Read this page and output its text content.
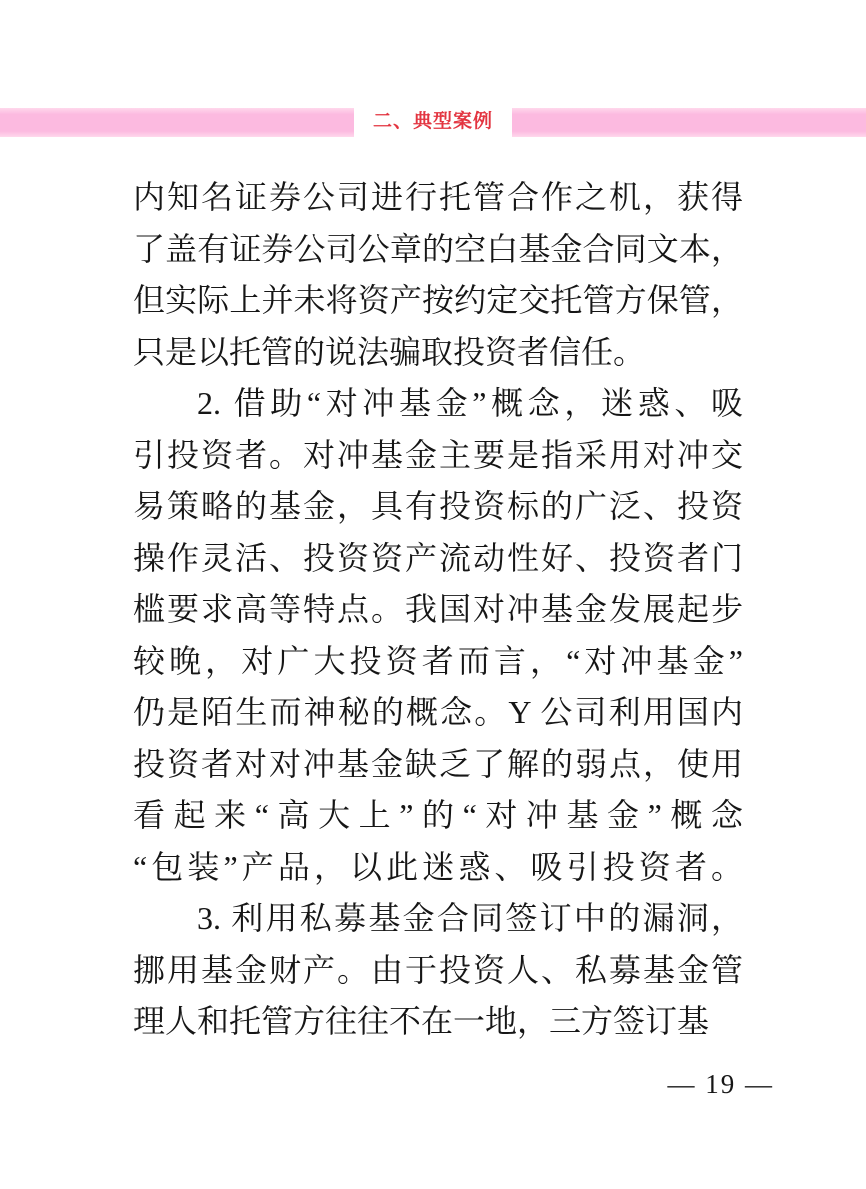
二、典型案例
内知名证券公司进行托管合作之机，获得
了盖有证券公司公章的空白基金合同文本，
但实际上并未将资产按约定交托管方保管，
只是以托管的说法骗取投资者信任。
2. 借助“对冲基金”概念，迷惑、吸
引投资者。对冲基金主要是指采用对冲交
易策略的基金，具有投资标的广泛、投资
操作灵活、投资资产流动性好、投资者门
槛要求高等特点。我国对冲基金发展起步
较晚，对广大投资者而言，“对冲基金”
仍是陌生而神秘的概念。Y 公司利用国内
投资者对对冲基金缺乏了解的弱点，使用
看起来“高大上”的“对冲基金”概念
“包装”产品，以此迷惑、吸引投资者。
3. 利用私募基金合同签订中的漏洞，
挪用基金财产。由于投资人、私募基金管
理人和托管方往往不在一地，三方签订基
— 19 —
